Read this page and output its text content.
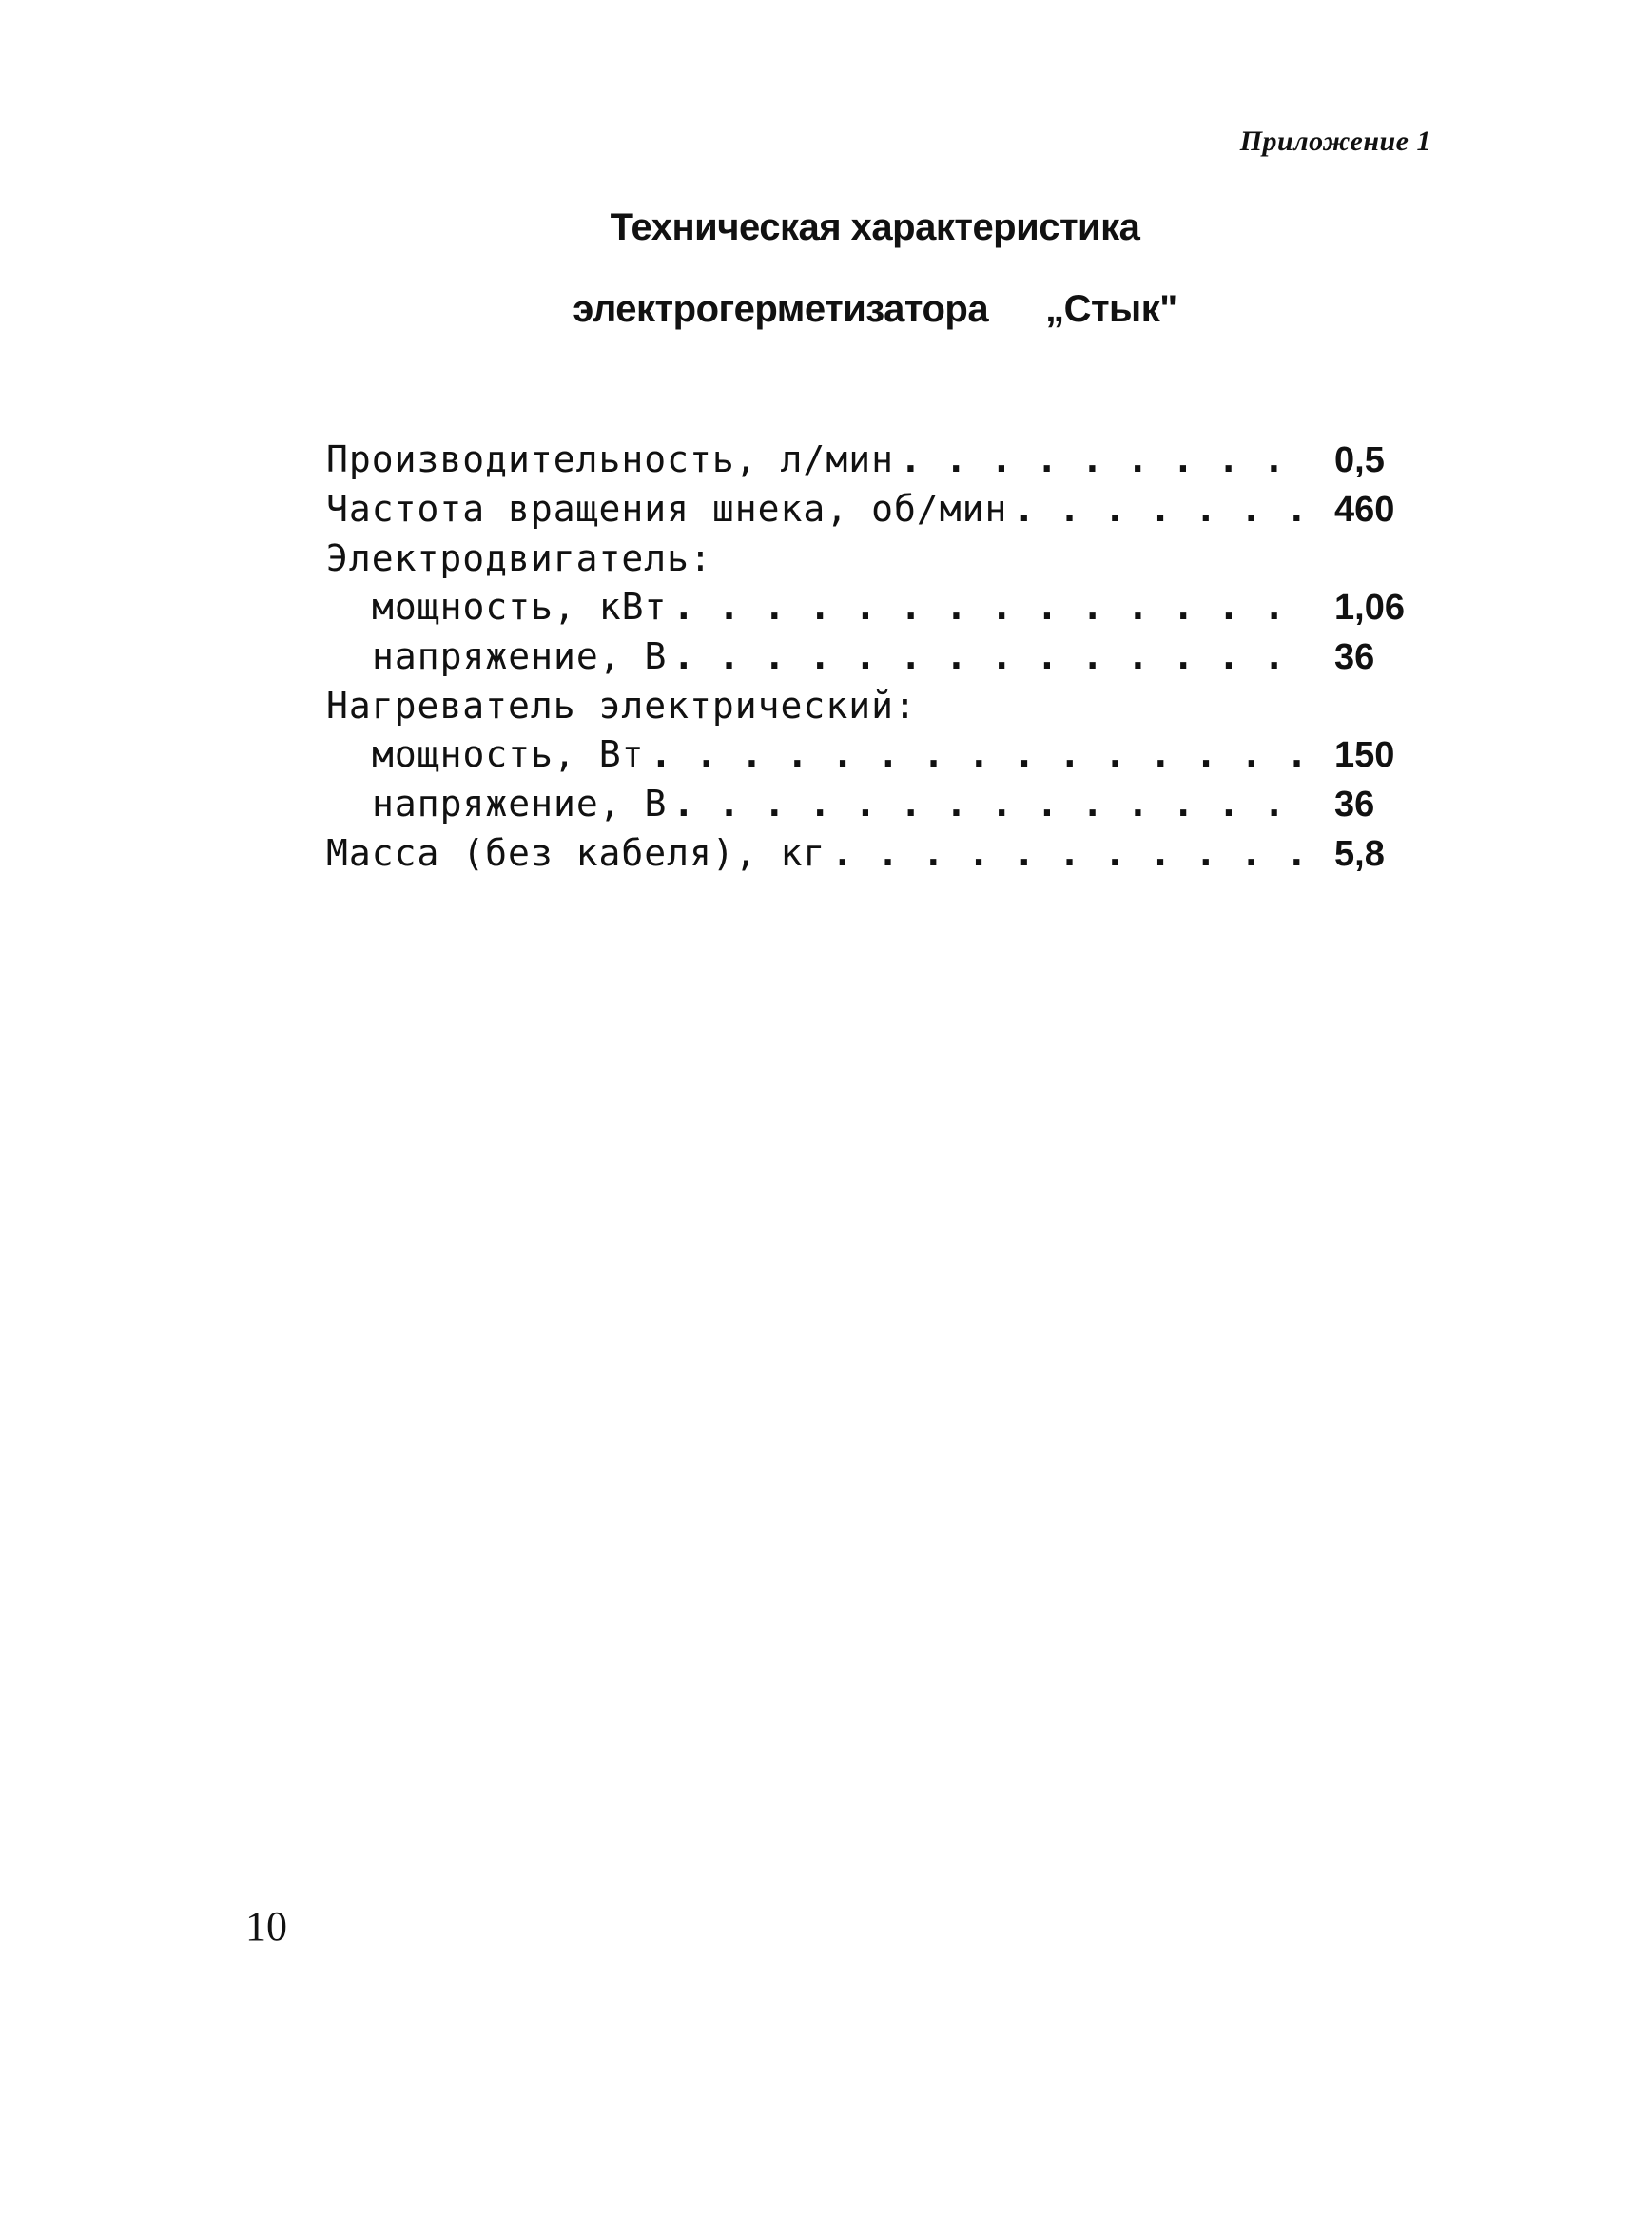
Приложение 1
Техническая характеристика
электрогерметизатора „Стык"
Производительность, л/мин . . .	0,5
Частота вращения шнека, об/мин . . .	460
Электродвигатель:
мощность, кВт . . .	1,06
напряжение, В . . .	36
Нагреватель электрический:
мощность, Вт . . .	150
напряжение, В . . .	36
Масса (без кабеля), кг . . .	5,8
10
